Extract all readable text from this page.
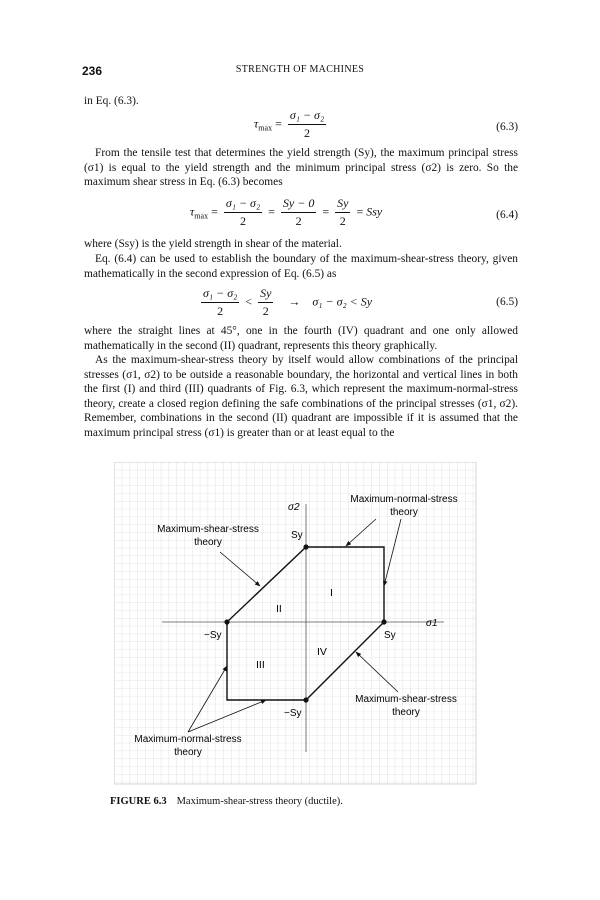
236	STRENGTH OF MACHINES

in Eq. (6.3).

$\tau_{max} = \frac{\text{σ₁ − σ₂}}{2}$	(6.3)

From the tensile test that determines the yield strength (Sy), the maximum principal stress (σ1) is equal to the yield strength and the minimum principal stress (σ2) is zero. So the maximum shear stress in Eq. (6.3) becomes

$\tau_{max} = \frac{\text{σ₁ − σ₂}}{2} = \frac{Sy - 0}{2} = \frac{Sy}{2}$ = Ssy	(6.4)

where (Ssy) is the yield strength in shear of the material.

Eq. (6.4) can be used to establish the boundary of the maximum-shear-stress theory, given mathematically in the second expression of Eq. (6.5) as

$\frac{\text{σ₁ − σ₂}}{2} < \frac{Sy}{2} \to \sigma_1 - \sigma_2 < Sy$	(6.5)

where the straight lines at 45°, one in the fourth (IV) quadrant and one only allowed mathematically in the second (II) quadrant, represents this theory graphically.

As the maximum-shear-stress theory by itself would allow combinations of the principal stresses (σ1, σ2) to be outside a reasonable boundary, the horizontal and vertical lines in both the first (I) and third (III) quadrants of Fig. 6.3, which represent the maximum-normal-stress theory, create a closed region defining the safe combinations of the principal stresses (σ1, σ2). Remember, combinations in the second (II) quadrant are impossible if it is assumed that the maximum principal stress (σ1) is greater than or at least equal to the

σ1
σ2
Sy
Sy
−Sy
−Sy
I
II
III
IV
Maximum-normal-stress
theory
Maximum-shear-stress
theory
Maximum-shear-stress
theory
Maximum-normal-stress
theory
FIGURE 6.3 Maximum-shear-stress theory (ductile).
